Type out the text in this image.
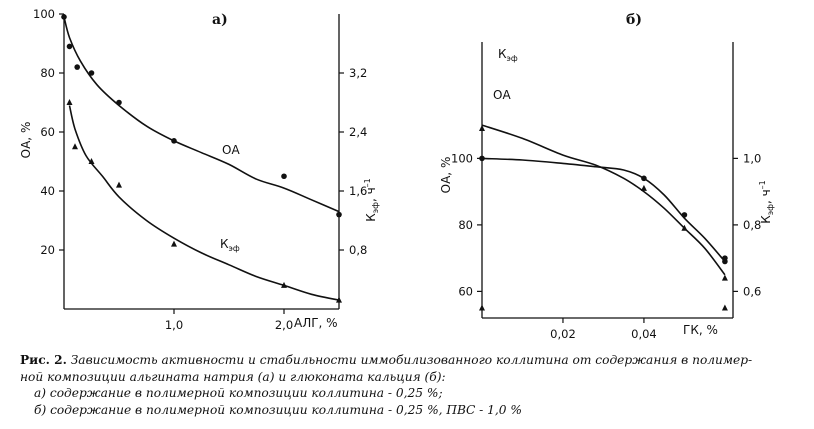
1,0	2,0
20
40
60
80
100
0,8
1,6
2,4
3,2
а)
АЛГ, %
ОА, %
$К_{эф}$, $ч^{-1}$
ОА
$К_{эф}$
0,02	0,04
60
80
100
0,6
0,8
1,0
б)
ГК, %
ОА, %
$К_{эф}$, $ч^{-1}$
$К_{эф}$
ОА
Рис. 2. Зависимость активности и стабильности иммобилизованного коллитина от содержания в полимер-
ной композиции альгината натрия (а) и глюконата кальция (б):
а) содержание в полимерной композиции коллитина - 0,25 %;
б) содержание в полимерной композиции коллитина - 0,25 %, ПВС - 1,0 %
